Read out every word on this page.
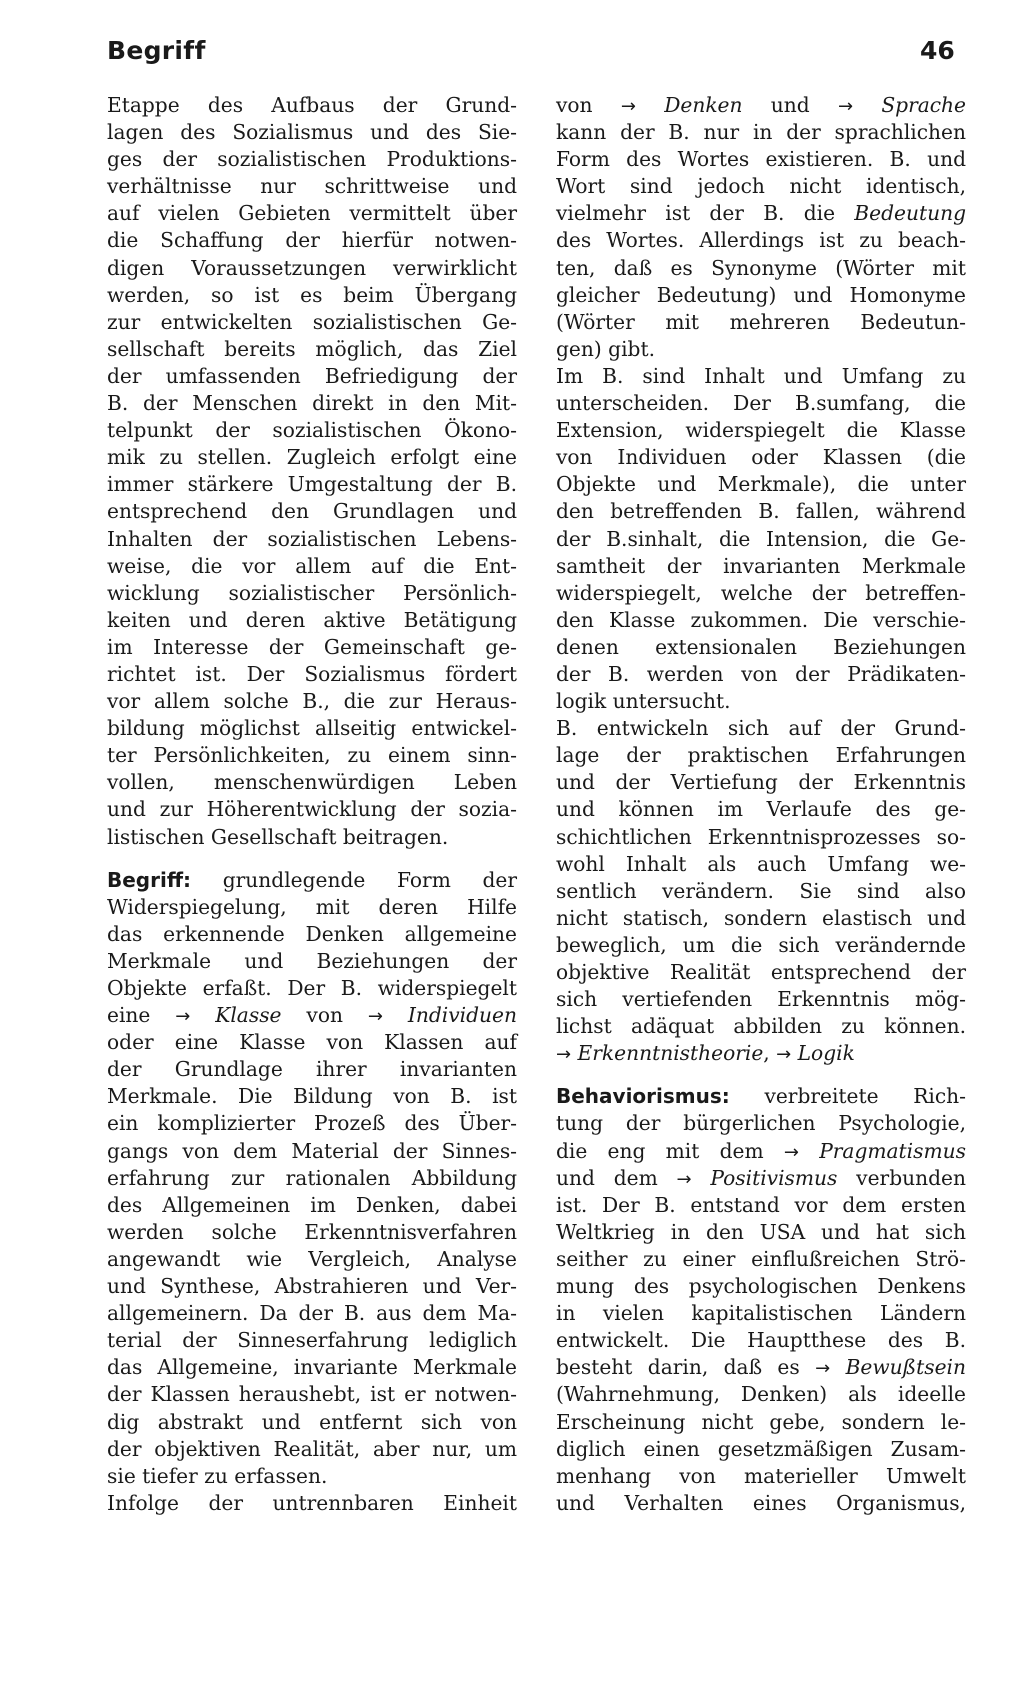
Begriff	46
Etappe des Aufbaus der Grund-
lagen des Sozialismus und des Sie-
ges der sozialistischen Produktions-
verhältnisse nur schrittweise und
auf vielen Gebieten vermittelt über
die Schaffung der hierfür notwen-
digen Voraussetzungen verwirklicht
werden, so ist es beim Übergang
zur entwickelten sozialistischen Ge-
sellschaft bereits möglich, das Ziel
der umfassenden Befriedigung der
B. der Menschen direkt in den Mit-
telpunkt der sozialistischen Ökono-
mik zu stellen. Zugleich erfolgt eine
immer stärkere Umgestaltung der B.
entsprechend den Grundlagen und
Inhalten der sozialistischen Lebens-
weise, die vor allem auf die Ent-
wicklung sozialistischer Persönlich-
keiten und deren aktive Betätigung
im Interesse der Gemeinschaft ge-
richtet ist. Der Sozialismus fördert
vor allem solche B., die zur Heraus-
bildung möglichst allseitig entwickel-
ter Persönlichkeiten, zu einem sinn-
vollen, menschenwürdigen Leben
und zur Höherentwicklung der sozia-
listischen Gesellschaft beitragen.
Begriff: grundlegende Form der
Widerspiegelung, mit deren Hilfe
das erkennende Denken allgemeine
Merkmale und Beziehungen der
Objekte erfaßt. Der B. widerspiegelt
eine → Klasse von → Individuen
oder eine Klasse von Klassen auf
der Grundlage ihrer invarianten
Merkmale. Die Bildung von B. ist
ein komplizierter Prozeß des Über-
gangs von dem Material der Sinnes-
erfahrung zur rationalen Abbildung
des Allgemeinen im Denken, dabei
werden solche Erkenntnisverfahren
angewandt wie Vergleich, Analyse
und Synthese, Abstrahieren und Ver-
allgemeinern. Da der B. aus dem Ma-
terial der Sinneserfahrung lediglich
das Allgemeine, invariante Merkmale
der Klassen heraushebt, ist er notwen-
dig abstrakt und entfernt sich von
der objektiven Realität, aber nur, um
sie tiefer zu erfassen.
Infolge der untrennbaren Einheit
von → Denken und → Sprache
kann der B. nur in der sprachlichen
Form des Wortes existieren. B. und
Wort sind jedoch nicht identisch,
vielmehr ist der B. die Bedeutung
des Wortes. Allerdings ist zu beach-
ten, daß es Synonyme (Wörter mit
gleicher Bedeutung) und Homonyme
(Wörter mit mehreren Bedeutun-
gen) gibt.
Im B. sind Inhalt und Umfang zu
unterscheiden. Der B.sumfang, die
Extension, widerspiegelt die Klasse
von Individuen oder Klassen (die
Objekte und Merkmale), die unter
den betreffenden B. fallen, während
der B.sinhalt, die Intension, die Ge-
samtheit der invarianten Merkmale
widerspiegelt, welche der betreffen-
den Klasse zukommen. Die verschie-
denen extensionalen Beziehungen
der B. werden von der Prädikaten-
logik untersucht.
B. entwickeln sich auf der Grund-
lage der praktischen Erfahrungen
und der Vertiefung der Erkenntnis
und können im Verlaufe des ge-
schichtlichen Erkenntnisprozesses so-
wohl Inhalt als auch Umfang we-
sentlich verändern. Sie sind also
nicht statisch, sondern elastisch und
beweglich, um die sich verändernde
objektive Realität entsprechend der
sich vertiefenden Erkenntnis mög-
lichst adäquat abbilden zu können.
→ Erkenntnistheorie, → Logik
Behaviorismus: verbreitete Rich-
tung der bürgerlichen Psychologie,
die eng mit dem → Pragmatismus
und dem → Positivismus verbunden
ist. Der B. entstand vor dem ersten
Weltkrieg in den USA und hat sich
seither zu einer einflußreichen Strö-
mung des psychologischen Denkens
in vielen kapitalistischen Ländern
entwickelt. Die Hauptthese des B.
besteht darin, daß es → Bewußtsein
(Wahrnehmung, Denken) als ideelle
Erscheinung nicht gebe, sondern le-
diglich einen gesetzmäßigen Zusam-
menhang von materieller Umwelt
und Verhalten eines Organismus,
